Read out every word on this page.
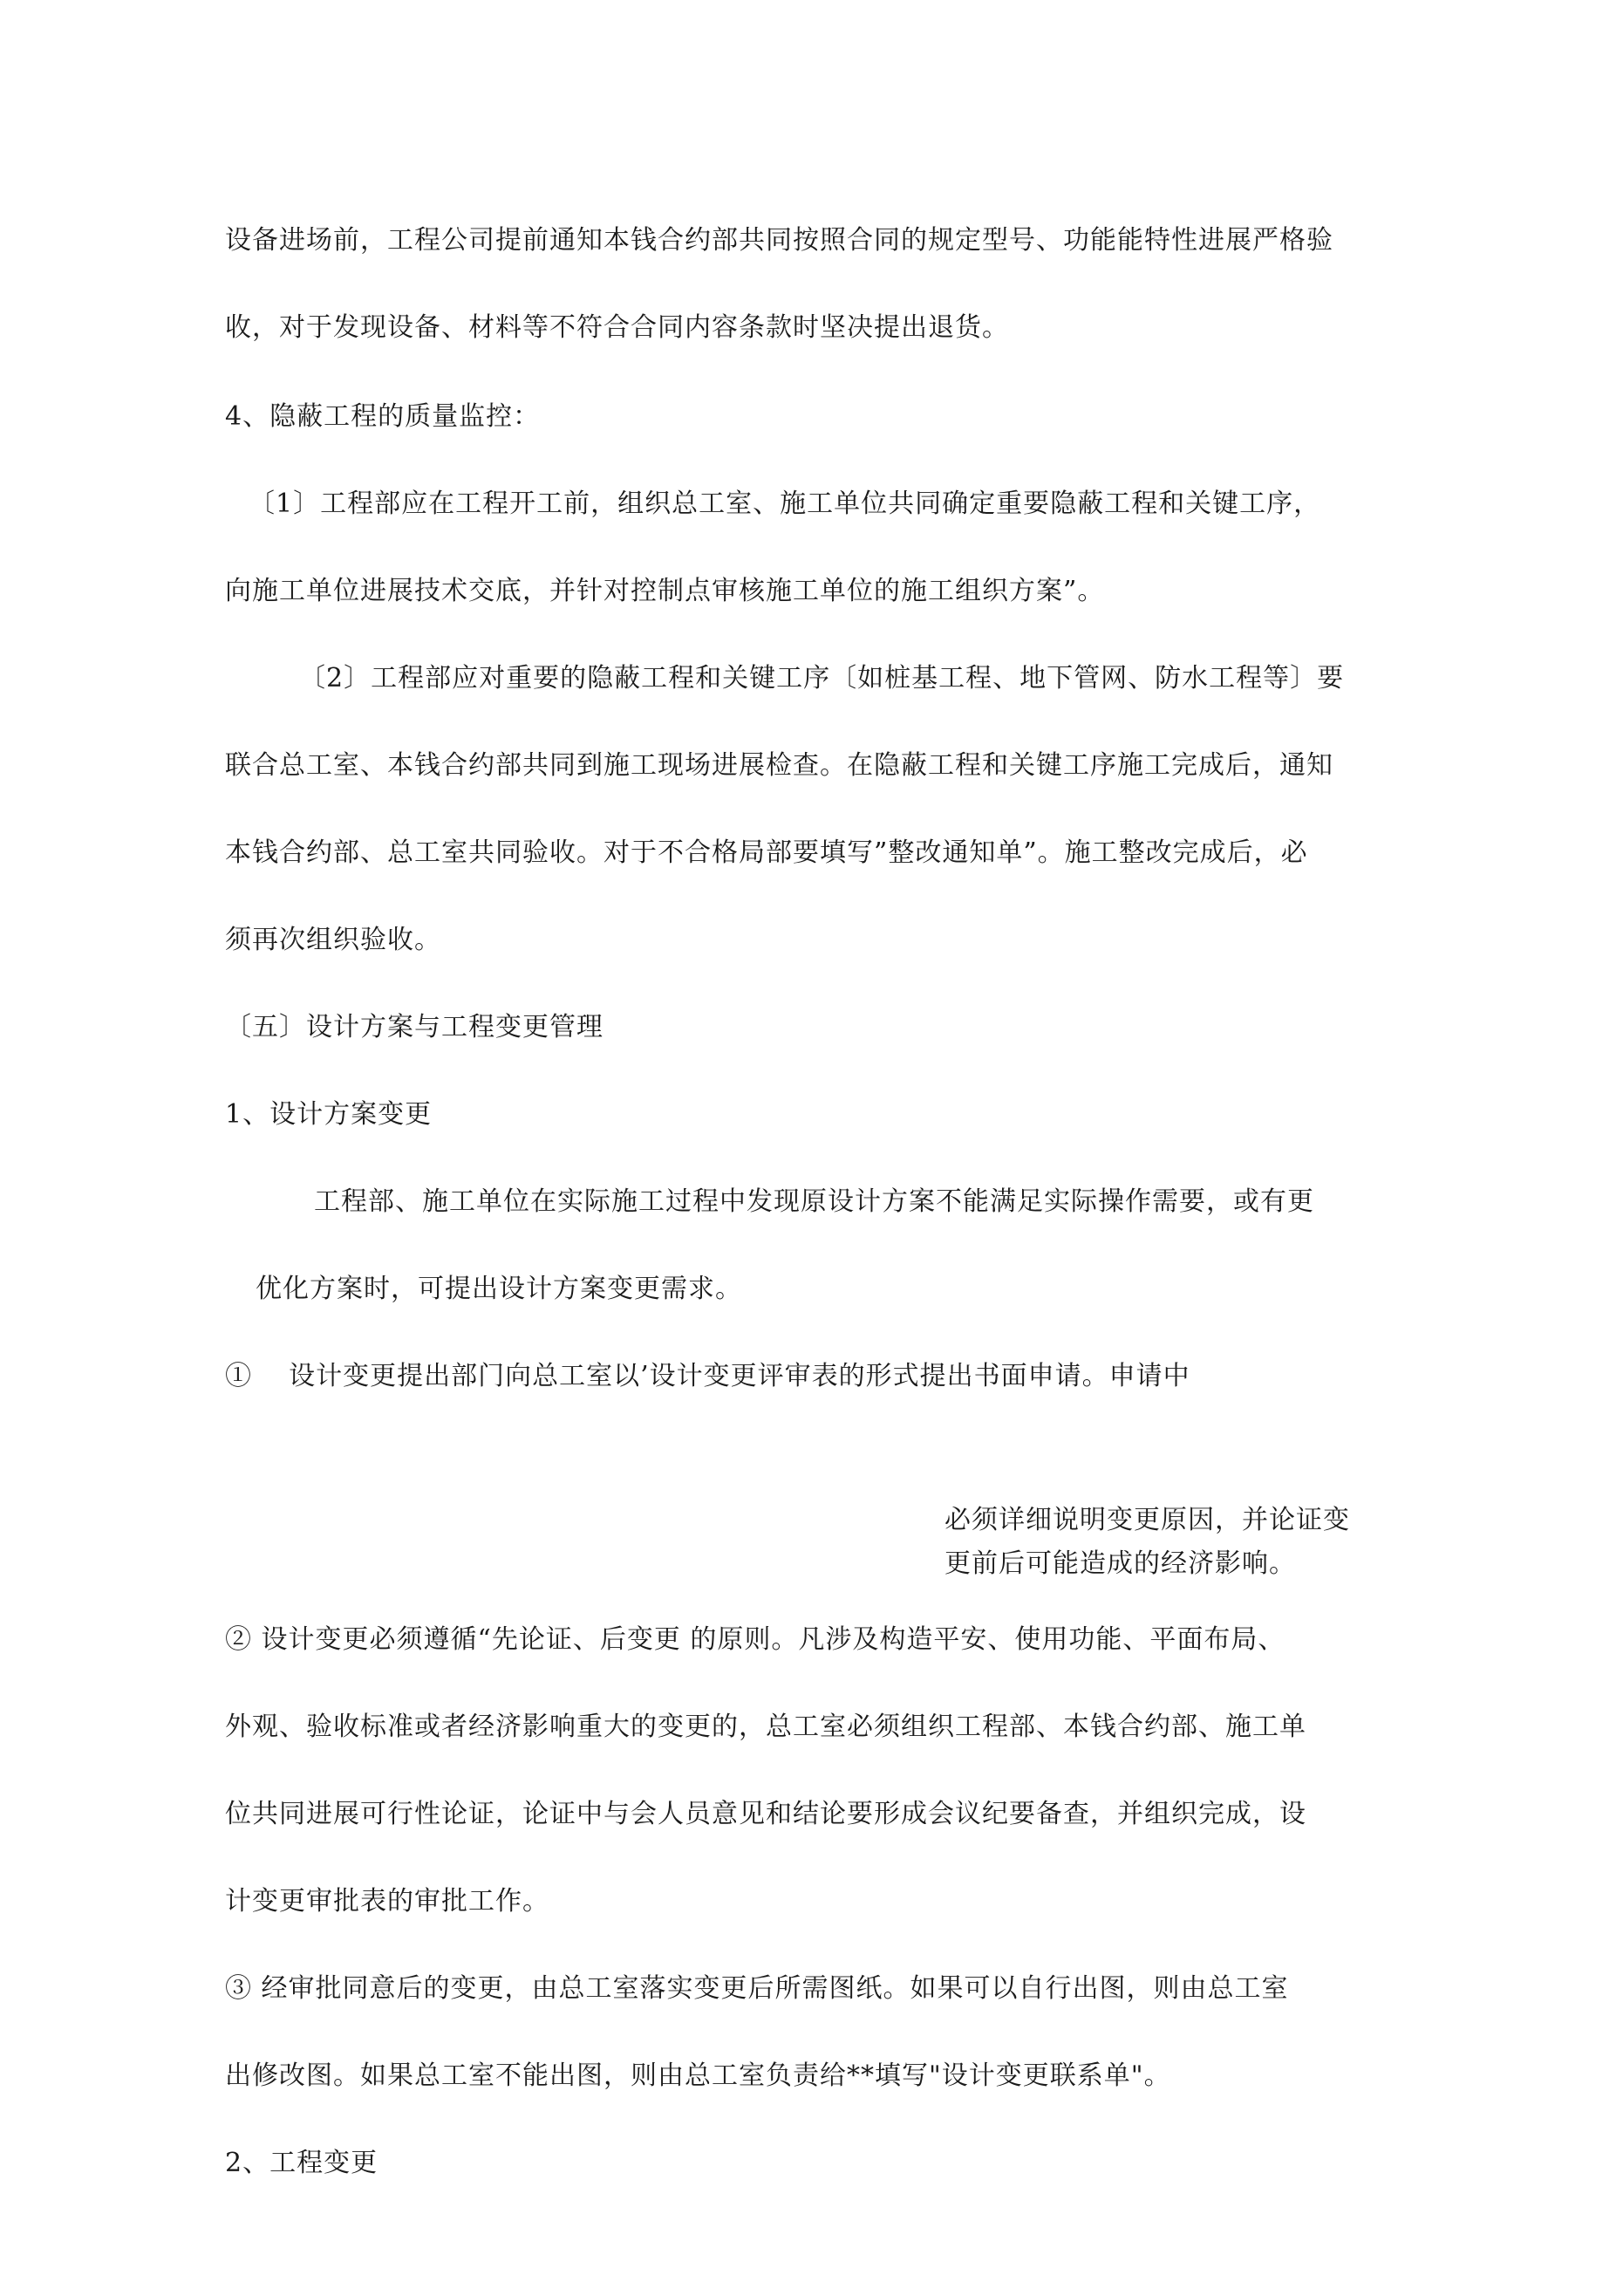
设备进场前，工程公司提前通知本钱合约部共同按照合同的规定型号、功能能特性进展严格验
收，对于发现设备、材料等不符合合同内容条款时坚决提出退货。
4、隐蔽工程的质量监控：
〔1〕工程部应在工程开工前，组织总工室、施工单位共同确定重要隐蔽工程和关键工序，
向施工单位进展技术交底，并针对控制点审核施工单位的施工组织方案”。
〔2〕工程部应对重要的隐蔽工程和关键工序〔如桩基工程、地下管网、防水工程等〕要
联合总工室、本钱合约部共同到施工现场进展检查。在隐蔽工程和关键工序施工完成后，通知
本钱合约部、总工室共同验收。对于不合格局部要填写”整改通知单”。施工整改完成后，必
须再次组织验收。
〔五〕设计方案与工程变更管理
1、设计方案变更
工程部、施工单位在实际施工过程中发现原设计方案不能满足实际操作需要，或有更
优化方案时，可提出设计方案变更需求。
①    设计变更提出部门向总工室以’设计变更评审表的形式提出书面申请。申请中
必须详细说明变更原因，并论证变
更前后可能造成的经济影响。
② 设计变更必须遵循“先论证、后变更 的原则。凡涉及构造平安、使用功能、平面布局、
外观、验收标准或者经济影响重大的变更的，总工室必须组织工程部、本钱合约部、施工单
位共同进展可行性论证，论证中与会人员意见和结论要形成会议纪要备查，并组织完成，设
计变更审批表的审批工作。
③ 经审批同意后的变更，由总工室落实变更后所需图纸。如果可以自行出图，则由总工室
出修改图。如果总工室不能出图，则由总工室负责给**填写"设计变更联系单"。
2、工程变更
